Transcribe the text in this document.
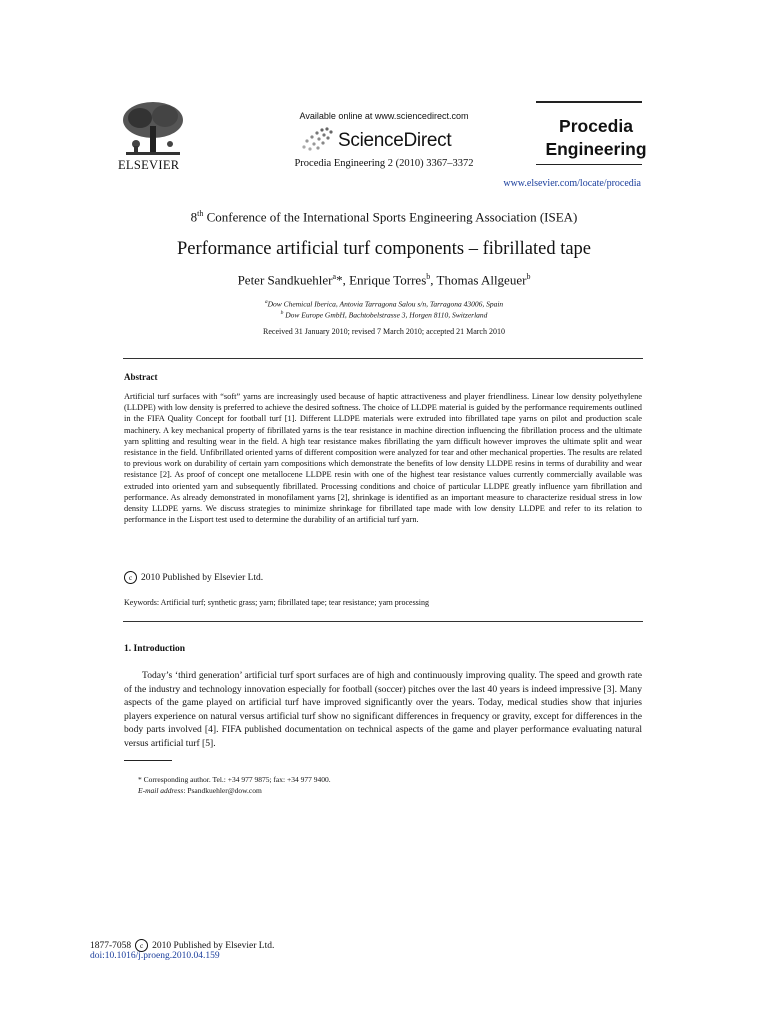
ELSEVIER
Available online at www.sciencedirect.com
ScienceDirect
Procedia Engineering 2 (2010) 3367–3372
Procedia
Engineering
www.elsevier.com/locate/procedia
8th Conference of the International Sports Engineering Association (ISEA)
Performance artificial turf components – fibrillated tape
Peter Sandkuehler$^a$*, Enrique Torres$^b$, Thomas Allgeuer$^b$
$^a$Dow Chemical Iberica, Antovia Tarragona Salou s/n, Tarragona 43006, Spain
$^b$ Dow Europe GmbH, Bachtobelstrasse 3, Horgen 8110, Switzerland
Received 31 January 2010; revised 7 March 2010; accepted 21 March 2010
Abstract
Artificial turf surfaces with “soft” yarns are increasingly used because of haptic attractiveness and player friendliness. Linear low density polyethylene (LLDPE) with low density is preferred to achieve the desired softness. The choice of LLDPE material is guided by the performance requirements outlined in the FIFA Quality Concept for football turf [1]. Different LLDPE materials were extruded into fibrillated tape yarns on pilot and production scale machinery. A key mechanical property of fibrillated yarns is the tear resistance in machine direction influencing the fibrillation process and the ultimate yarn splitting and resulting wear in the field. A high tear resistance makes fibrillating the yarn difficult however improves the ultimate split and wear resistance in the field. Unfibrillated oriented yarns of different composition were analyzed for tear and other mechanical properties. The results are related to previous work on durability of certain yarn compositions which demonstrate the benefits of low density LLDPE resins in terms of durability and wear resistance [2]. As proof of concept one metallocene LLDPE resin with one of the highest tear resistance values currently commercially available was extruded into oriented yarn and subsequently fibrillated. Processing conditions and choice of particular LLDPE greatly influence yarn fibrillation and performance. As already demonstrated in monofilament yarns [2], shrinkage is identified as an important measure to characterize residual stress in low density LLDPE yarns. We discuss strategies to minimize shrinkage for fibrillated tape made with low density LLDPE and refer to its relation to performance in the Lisport test used to determine the durability of an artificial turf yarn.
c 2010 Published by Elsevier Ltd.
Keywords: Artificial turf; synthetic grass; yarn; fibrillated tape; tear resistance; yarn processing
1. Introduction
Today’s ‘third generation’ artificial turf sport surfaces are of high and continuously improving quality. The speed and growth rate of the industry and technology innovation especially for football (soccer) pitches over the last 40 years is indeed impressive [3]. Many aspects of the game played on artificial turf have improved significantly over the years. Today, medical studies show that injuries players experience on natural versus artificial turf show no significant differences in frequency or gravity, except for differences in the body parts involved [4]. FIFA published documentation on technical aspects of the game and player performance evaluating natural versus artificial turf [5].
* Corresponding author. Tel.: +34 977 9875; fax: +34 977 9400.
E-mail address: Psandkuehler@dow.com
1877-7058	c 2010 Published by Elsevier Ltd.
doi:10.1016/j.proeng.2010.04.159
